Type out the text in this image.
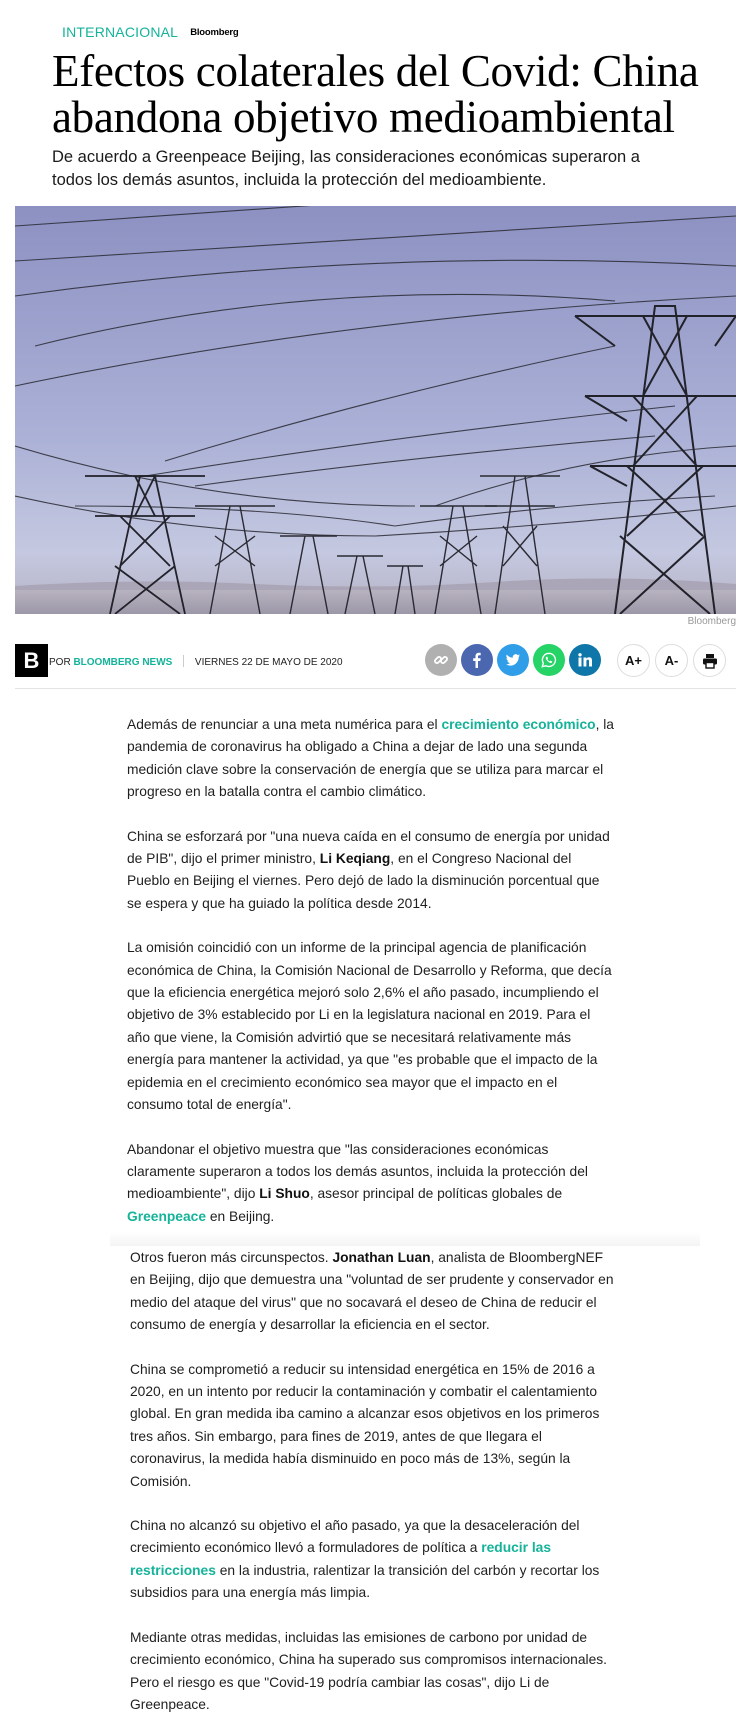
INTERNACIONAL Bloomberg
Efectos colaterales del Covid: China abandona objetivo medioambiental

De acuerdo a Greenpeace Beijing, las consideraciones económicas superaron a todos los demás asuntos, incluida la protección del medioambiente.

Bloomberg
B POR BLOOMBERG NEWS VIERNES 22 DE MAYO DE 2020	A+	A-

Además de renunciar a una meta numérica para el crecimiento económico, la pandemia de coronavirus ha obligado a China a dejar de lado una segunda medición clave sobre la conservación de energía que se utiliza para marcar el progreso en la batalla contra el cambio climático.

China se esforzará por "una nueva caída en el consumo de energía por unidad de PIB", dijo el primer ministro, Li Keqiang, en el Congreso Nacional del Pueblo en Beijing el viernes. Pero dejó de lado la disminución porcentual que se espera y que ha guiado la política desde 2014.

La omisión coincidió con un informe de la principal agencia de planificación económica de China, la Comisión Nacional de Desarrollo y Reforma, que decía que la eficiencia energética mejoró solo 2,6% el año pasado, incumpliendo el objetivo de 3% establecido por Li en la legislatura nacional en 2019. Para el año que viene, la Comisión advirtió que se necesitará relativamente más energía para mantener la actividad, ya que "es probable que el impacto de la epidemia en el crecimiento económico sea mayor que el impacto en el consumo total de energía".

Abandonar el objetivo muestra que "las consideraciones económicas claramente superaron a todos los demás asuntos, incluida la protección del medioambiente", dijo Li Shuo, asesor principal de políticas globales de Greenpeace en Beijing.

Otros fueron más circunspectos. Jonathan Luan, analista de BloombergNEF en Beijing, dijo que demuestra una "voluntad de ser prudente y conservador en medio del ataque del virus" que no socavará el deseo de China de reducir el consumo de energía y desarrollar la eficiencia en el sector.

China se comprometió a reducir su intensidad energética en 15% de 2016 a 2020, en un intento por reducir la contaminación y combatir el calentamiento global. En gran medida iba camino a alcanzar esos objetivos en los primeros tres años. Sin embargo, para fines de 2019, antes de que llegara el coronavirus, la medida había disminuido en poco más de 13%, según la Comisión.

China no alcanzó su objetivo el año pasado, ya que la desaceleración del crecimiento económico llevó a formuladores de política a reducir las restricciones en la industria, ralentizar la transición del carbón y recortar los subsidios para una energía más limpia.

Mediante otras medidas, incluidas las emisiones de carbono por unidad de crecimiento económico, China ha superado sus compromisos internacionales. Pero el riesgo es que "Covid-19 podría cambiar las cosas", dijo Li de Greenpeace.
